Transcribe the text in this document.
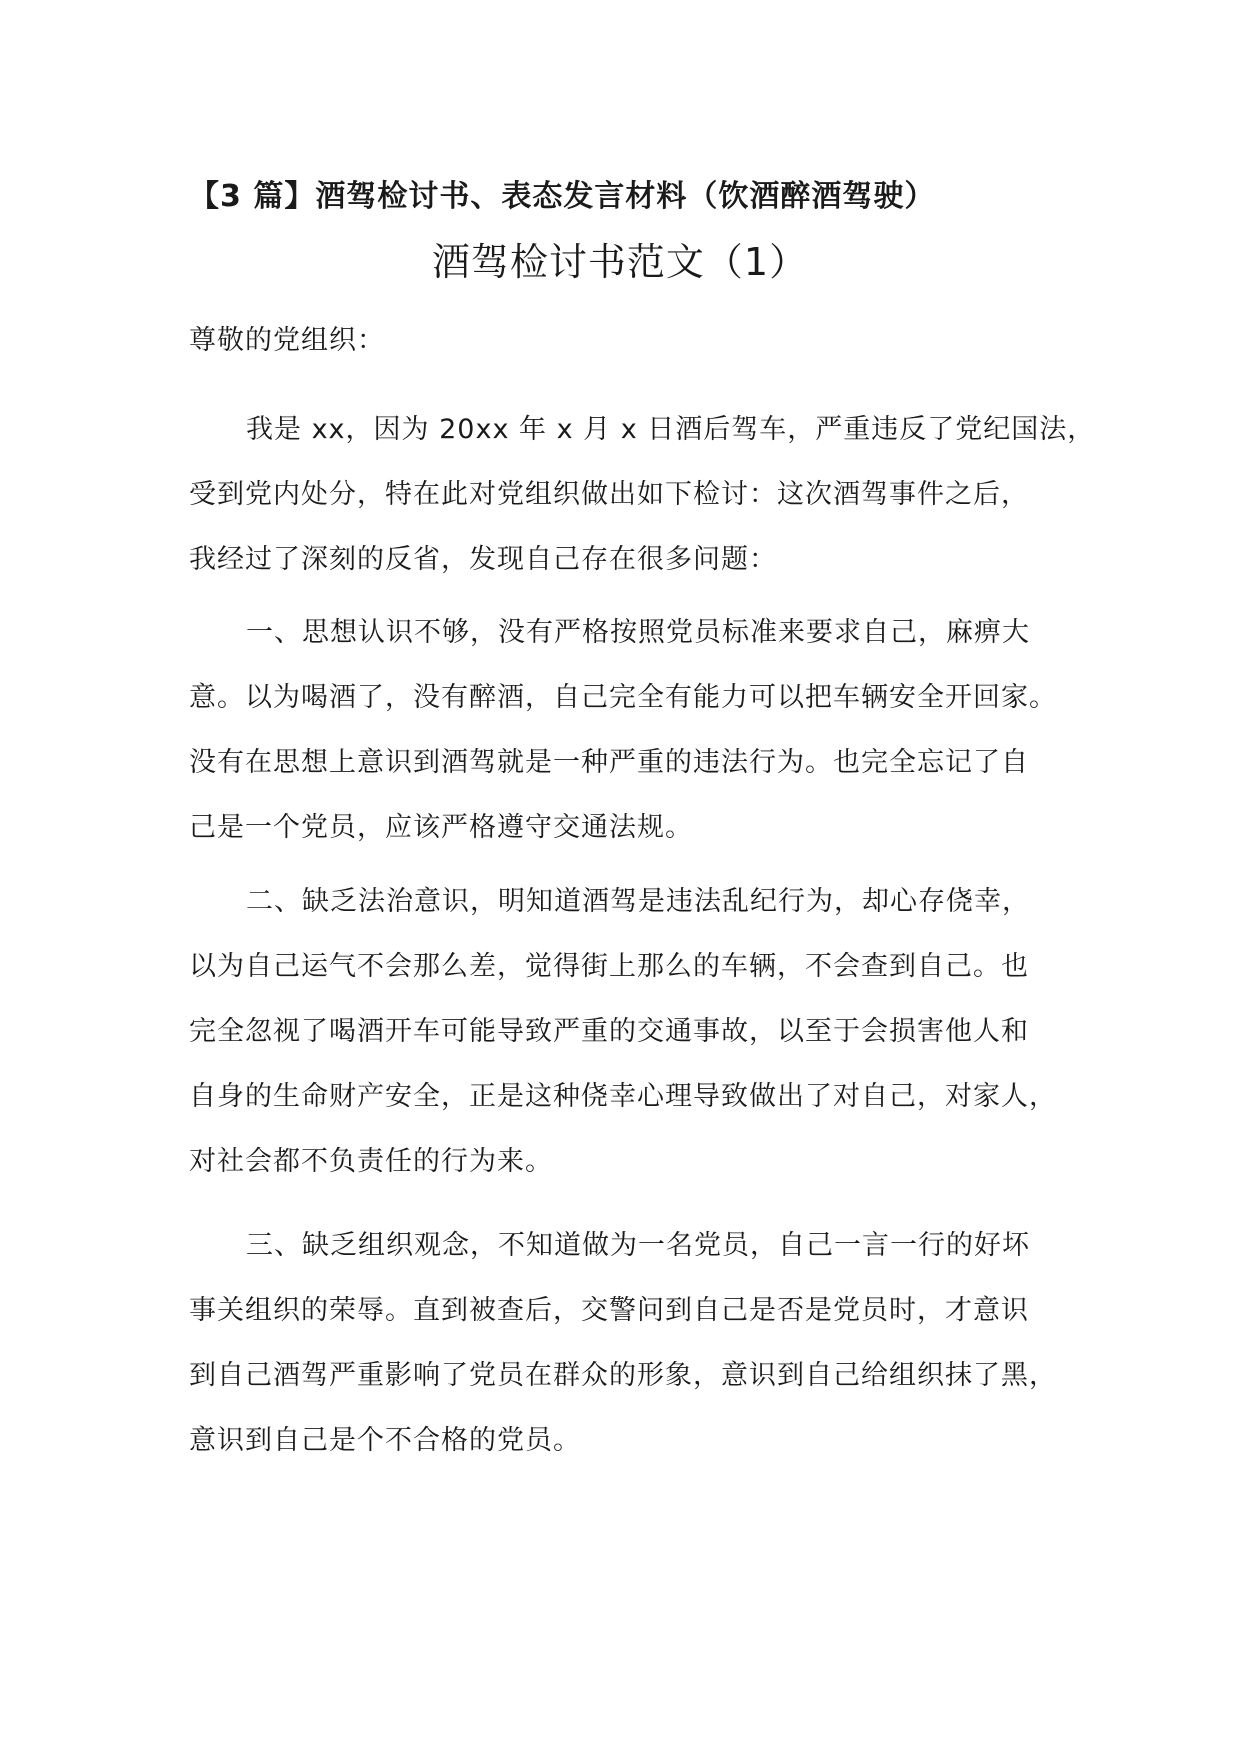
【3 篇】酒驾检讨书、表态发言材料（饮酒醉酒驾驶）
酒驾检讨书范文（1）
尊敬的党组织：
我是 xx，因为 20xx 年 x 月 x 日酒后驾车，严重违反了党纪国法，
受到党内处分，特在此对党组织做出如下检讨：这次酒驾事件之后，
我经过了深刻的反省，发现自己存在很多问题：
一、思想认识不够，没有严格按照党员标准来要求自己，麻痹大
意。以为喝酒了，没有醉酒，自己完全有能力可以把车辆安全开回家。
没有在思想上意识到酒驾就是一种严重的违法行为。也完全忘记了自
己是一个党员，应该严格遵守交通法规。
二、缺乏法治意识，明知道酒驾是违法乱纪行为，却心存侥幸，
以为自己运气不会那么差，觉得街上那么的车辆，不会查到自己。也
完全忽视了喝酒开车可能导致严重的交通事故，以至于会损害他人和
自身的生命财产安全，正是这种侥幸心理导致做出了对自己，对家人，
对社会都不负责任的行为来。
三、缺乏组织观念，不知道做为一名党员，自己一言一行的好坏
事关组织的荣辱。直到被查后，交警问到自己是否是党员时，才意识
到自己酒驾严重影响了党员在群众的形象，意识到自己给组织抹了黑，
意识到自己是个不合格的党员。
